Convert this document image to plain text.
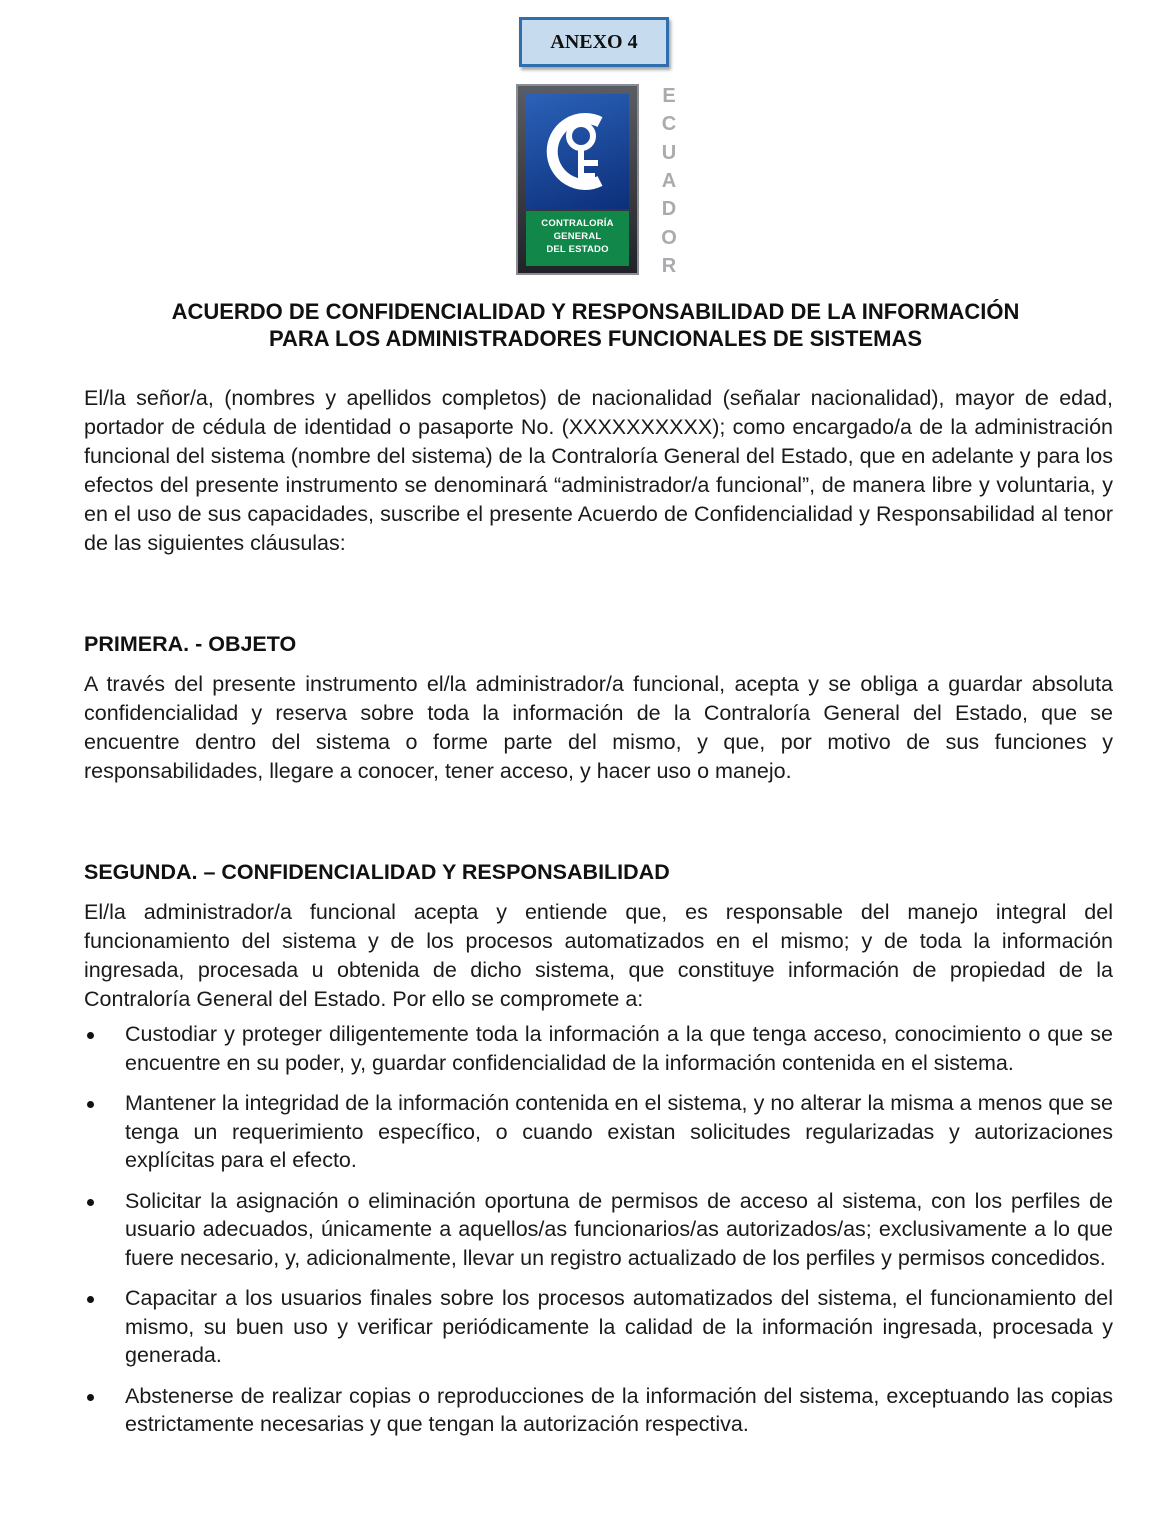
ANEXO 4
CONTRALORÍA
GENERAL
DEL ESTADO
E
C
U
A
D
O
R
ACUERDO DE CONFIDENCIALIDAD Y RESPONSABILIDAD DE LA INFORMACIÓN
PARA LOS ADMINISTRADORES FUNCIONALES DE SISTEMAS
El/la señor/a, (nombres y apellidos completos) de nacionalidad (señalar nacionalidad), mayor de edad, portador de cédula de identidad o pasaporte No. (XXXXXXXXXX); como encargado/a de la administración funcional del sistema (nombre del sistema) de la Contraloría General del Estado, que en adelante y para los efectos del presente instrumento se denominará “administrador/a funcional”, de manera libre y voluntaria, y en el uso de sus capacidades, suscribe el presente Acuerdo de Confidencialidad y Responsabilidad al tenor de las siguientes cláusulas:
PRIMERA. - OBJETO
A través del presente instrumento el/la administrador/a funcional, acepta y se obliga a guardar absoluta confidencialidad y reserva sobre toda la información de la Contraloría General del Estado, que se encuentre dentro del sistema o forme parte del mismo, y que, por motivo de sus funciones y responsabilidades, llegare a conocer, tener acceso, y hacer uso o manejo.
SEGUNDA. – CONFIDENCIALIDAD Y RESPONSABILIDAD
El/la administrador/a funcional acepta y entiende que, es responsable del manejo integral del funcionamiento del sistema y de los procesos automatizados en el mismo; y de toda la información ingresada, procesada u obtenida de dicho sistema, que constituye información de propiedad de la Contraloría General del Estado. Por ello se compromete a:
Custodiar y proteger diligentemente toda la información a la que tenga acceso, conocimiento o que se encuentre en su poder, y, guardar confidencialidad de la información contenida en el sistema.
Mantener la integridad de la información contenida en el sistema, y no alterar la misma a menos que se tenga un requerimiento específico, o cuando existan solicitudes regularizadas y autorizaciones explícitas para el efecto.
Solicitar la asignación o eliminación oportuna de permisos de acceso al sistema, con los perfiles de usuario adecuados, únicamente a aquellos/as funcionarios/as autorizados/as; exclusivamente a lo que fuere necesario, y, adicionalmente, llevar un registro actualizado de los perfiles y permisos concedidos.
Capacitar a los usuarios finales sobre los procesos automatizados del sistema, el funcionamiento del mismo, su buen uso y verificar periódicamente la calidad de la información ingresada, procesada y generada.
Abstenerse de realizar copias o reproducciones de la información del sistema, exceptuando las copias estrictamente necesarias y que tengan la autorización respectiva.
